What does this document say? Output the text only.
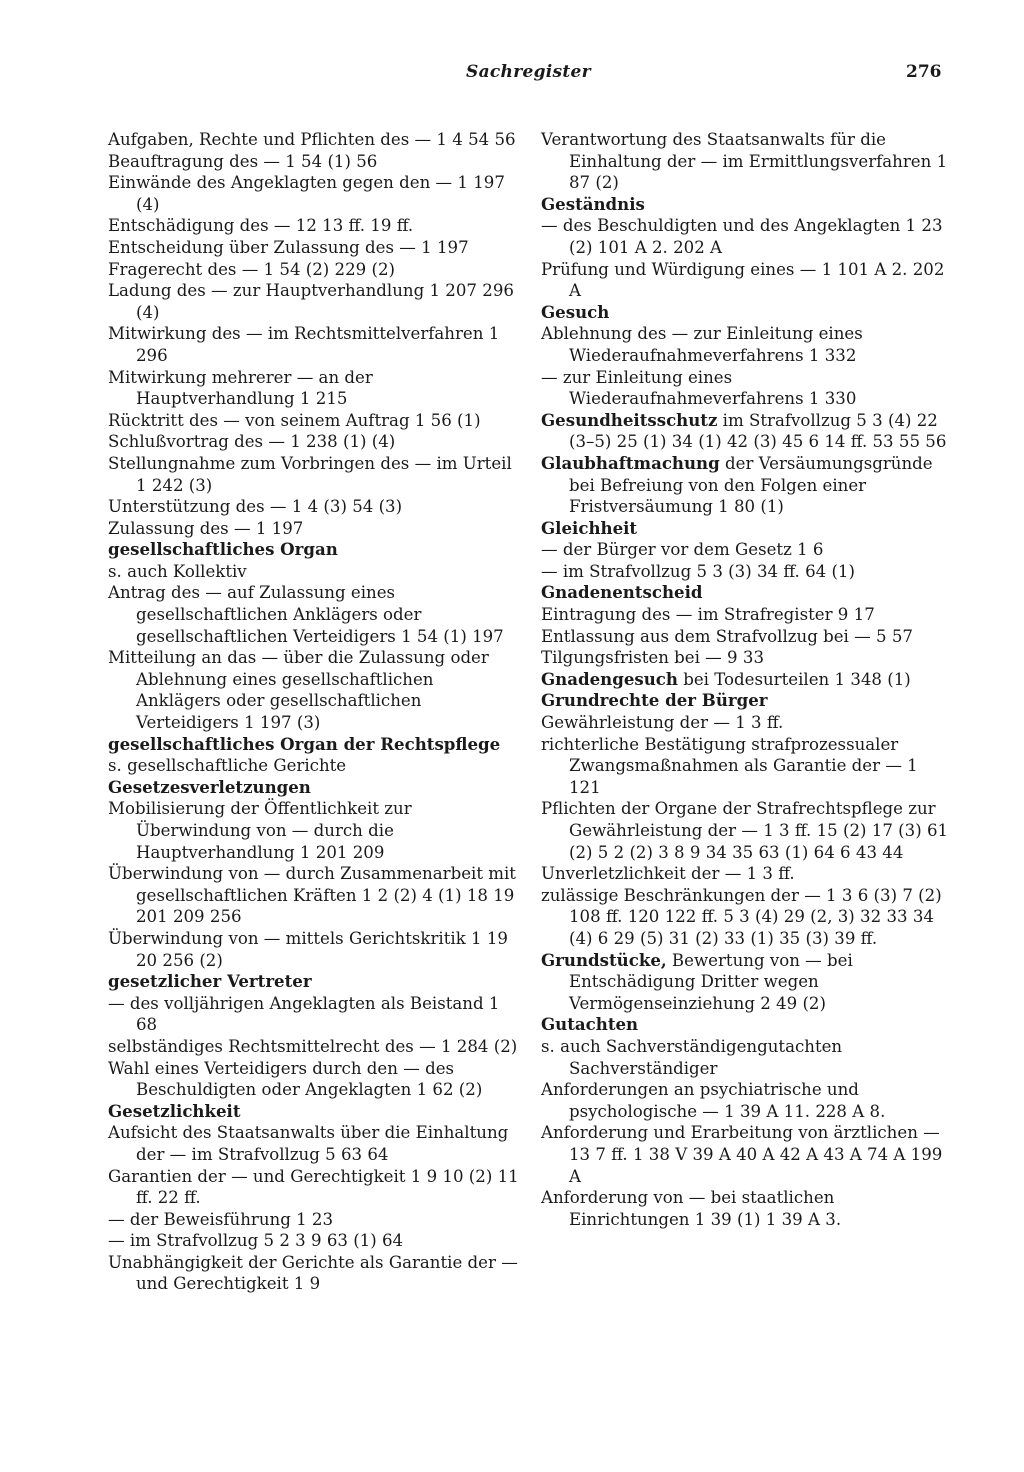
Sachregister	276
Aufgaben, Rechte und Pflichten des — 1 4 54 56
Beauftragung des — 1 54 (1) 56
Einwände des Angeklagten gegen den — 1 197 (4)
Entschädigung des — 12 13 ff. 19 ff.
Entscheidung über Zulassung des — 1 197
Fragerecht des — 1 54 (2) 229 (2)
Ladung des — zur Hauptverhandlung 1 207 296 (4)
Mitwirkung des — im Rechtsmittelverfahren 1 296
Mitwirkung mehrerer — an der Hauptverhandlung 1 215
Rücktritt des — von seinem Auftrag 1 56 (1)
Schlußvortrag des — 1 238 (1) (4)
Stellungnahme zum Vorbringen des — im Urteil 1 242 (3)
Unterstützung des — 1 4 (3) 54 (3)
Zulassung des — 1 197
gesellschaftliches Organ
s. auch Kollektiv
Antrag des — auf Zulassung eines gesellschaftlichen Anklägers oder gesellschaftlichen Verteidigers 1 54 (1) 197
Mitteilung an das — über die Zulassung oder Ablehnung eines gesellschaftlichen Anklägers oder gesellschaftlichen Verteidigers 1 197 (3)
gesellschaftliches Organ der Rechtspflege
s. gesellschaftliche Gerichte
Gesetzesverletzungen
Mobilisierung der Öffentlichkeit zur Überwindung von — durch die Hauptverhandlung 1 201 209
Überwindung von — durch Zusammenarbeit mit gesellschaftlichen Kräften 1 2 (2) 4 (1) 18 19 201 209 256
Überwindung von — mittels Gerichtskritik 1 19 20 256 (2)
gesetzlicher Vertreter
— des volljährigen Angeklagten als Beistand 1 68
selbständiges Rechtsmittelrecht des — 1 284 (2)
Wahl eines Verteidigers durch den — des Beschuldigten oder Angeklagten 1 62 (2)
Gesetzlichkeit
Aufsicht des Staatsanwalts über die Einhaltung der — im Strafvollzug 5 63 64
Garantien der — und Gerechtigkeit 1 9 10 (2) 11 ff. 22 ff.
— der Beweisführung 1 23
— im Strafvollzug 5 2 3 9 63 (1) 64
Unabhängigkeit der Gerichte als Garantie der — und Gerechtigkeit 1 9
Verantwortung des Staatsanwalts für die Einhaltung der — im Ermittlungsverfahren 1 87 (2)
Geständnis
— des Beschuldigten und des Angeklagten 1 23 (2) 101 A 2. 202 A
Prüfung und Würdigung eines — 1 101 A 2. 202 A
Gesuch
Ablehnung des — zur Einleitung eines Wiederaufnahmeverfahrens 1 332
— zur Einleitung eines Wiederaufnahmeverfahrens 1 330
Gesundheitsschutz im Strafvollzug 5 3 (4) 22 (3–5) 25 (1) 34 (1) 42 (3) 45 6 14 ff. 53 55 56
Glaubhaftmachung der Versäumungsgründe bei Befreiung von den Folgen einer Fristversäumung 1 80 (1)
Gleichheit
— der Bürger vor dem Gesetz 1 6
— im Strafvollzug 5 3 (3) 34 ff. 64 (1)
Gnadenentscheid
Eintragung des — im Strafregister 9 17
Entlassung aus dem Strafvollzug bei — 5 57
Tilgungsfristen bei — 9 33
Gnadengesuch bei Todesurteilen 1 348 (1)
Grundrechte der Bürger
Gewährleistung der — 1 3 ff.
richterliche Bestätigung strafprozessualer Zwangsmaßnahmen als Garantie der — 1 121
Pflichten der Organe der Strafrechtspflege zur Gewährleistung der — 1 3 ff. 15 (2) 17 (3) 61 (2) 5 2 (2) 3 8 9 34 35 63 (1) 64 6 43 44
Unverletzlichkeit der — 1 3 ff.
zulässige Beschränkungen der — 1 3 6 (3) 7 (2) 108 ff. 120 122 ff. 5 3 (4) 29 (2, 3) 32 33 34 (4) 6 29 (5) 31 (2) 33 (1) 35 (3) 39 ff.
Grundstücke, Bewertung von — bei Entschädigung Dritter wegen Vermögenseinziehung 2 49 (2)
Gutachten
s. auch Sachverständigengutachten Sachverständiger
Anforderungen an psychiatrische und psychologische — 1 39 A 11. 228 A 8.
Anforderung und Erarbeitung von ärztlichen — 13 7 ff. 1 38 V 39 A 40 A 42 A 43 A 74 A 199 A
Anforderung von — bei staatlichen Einrichtungen 1 39 (1) 1 39 A 3.
